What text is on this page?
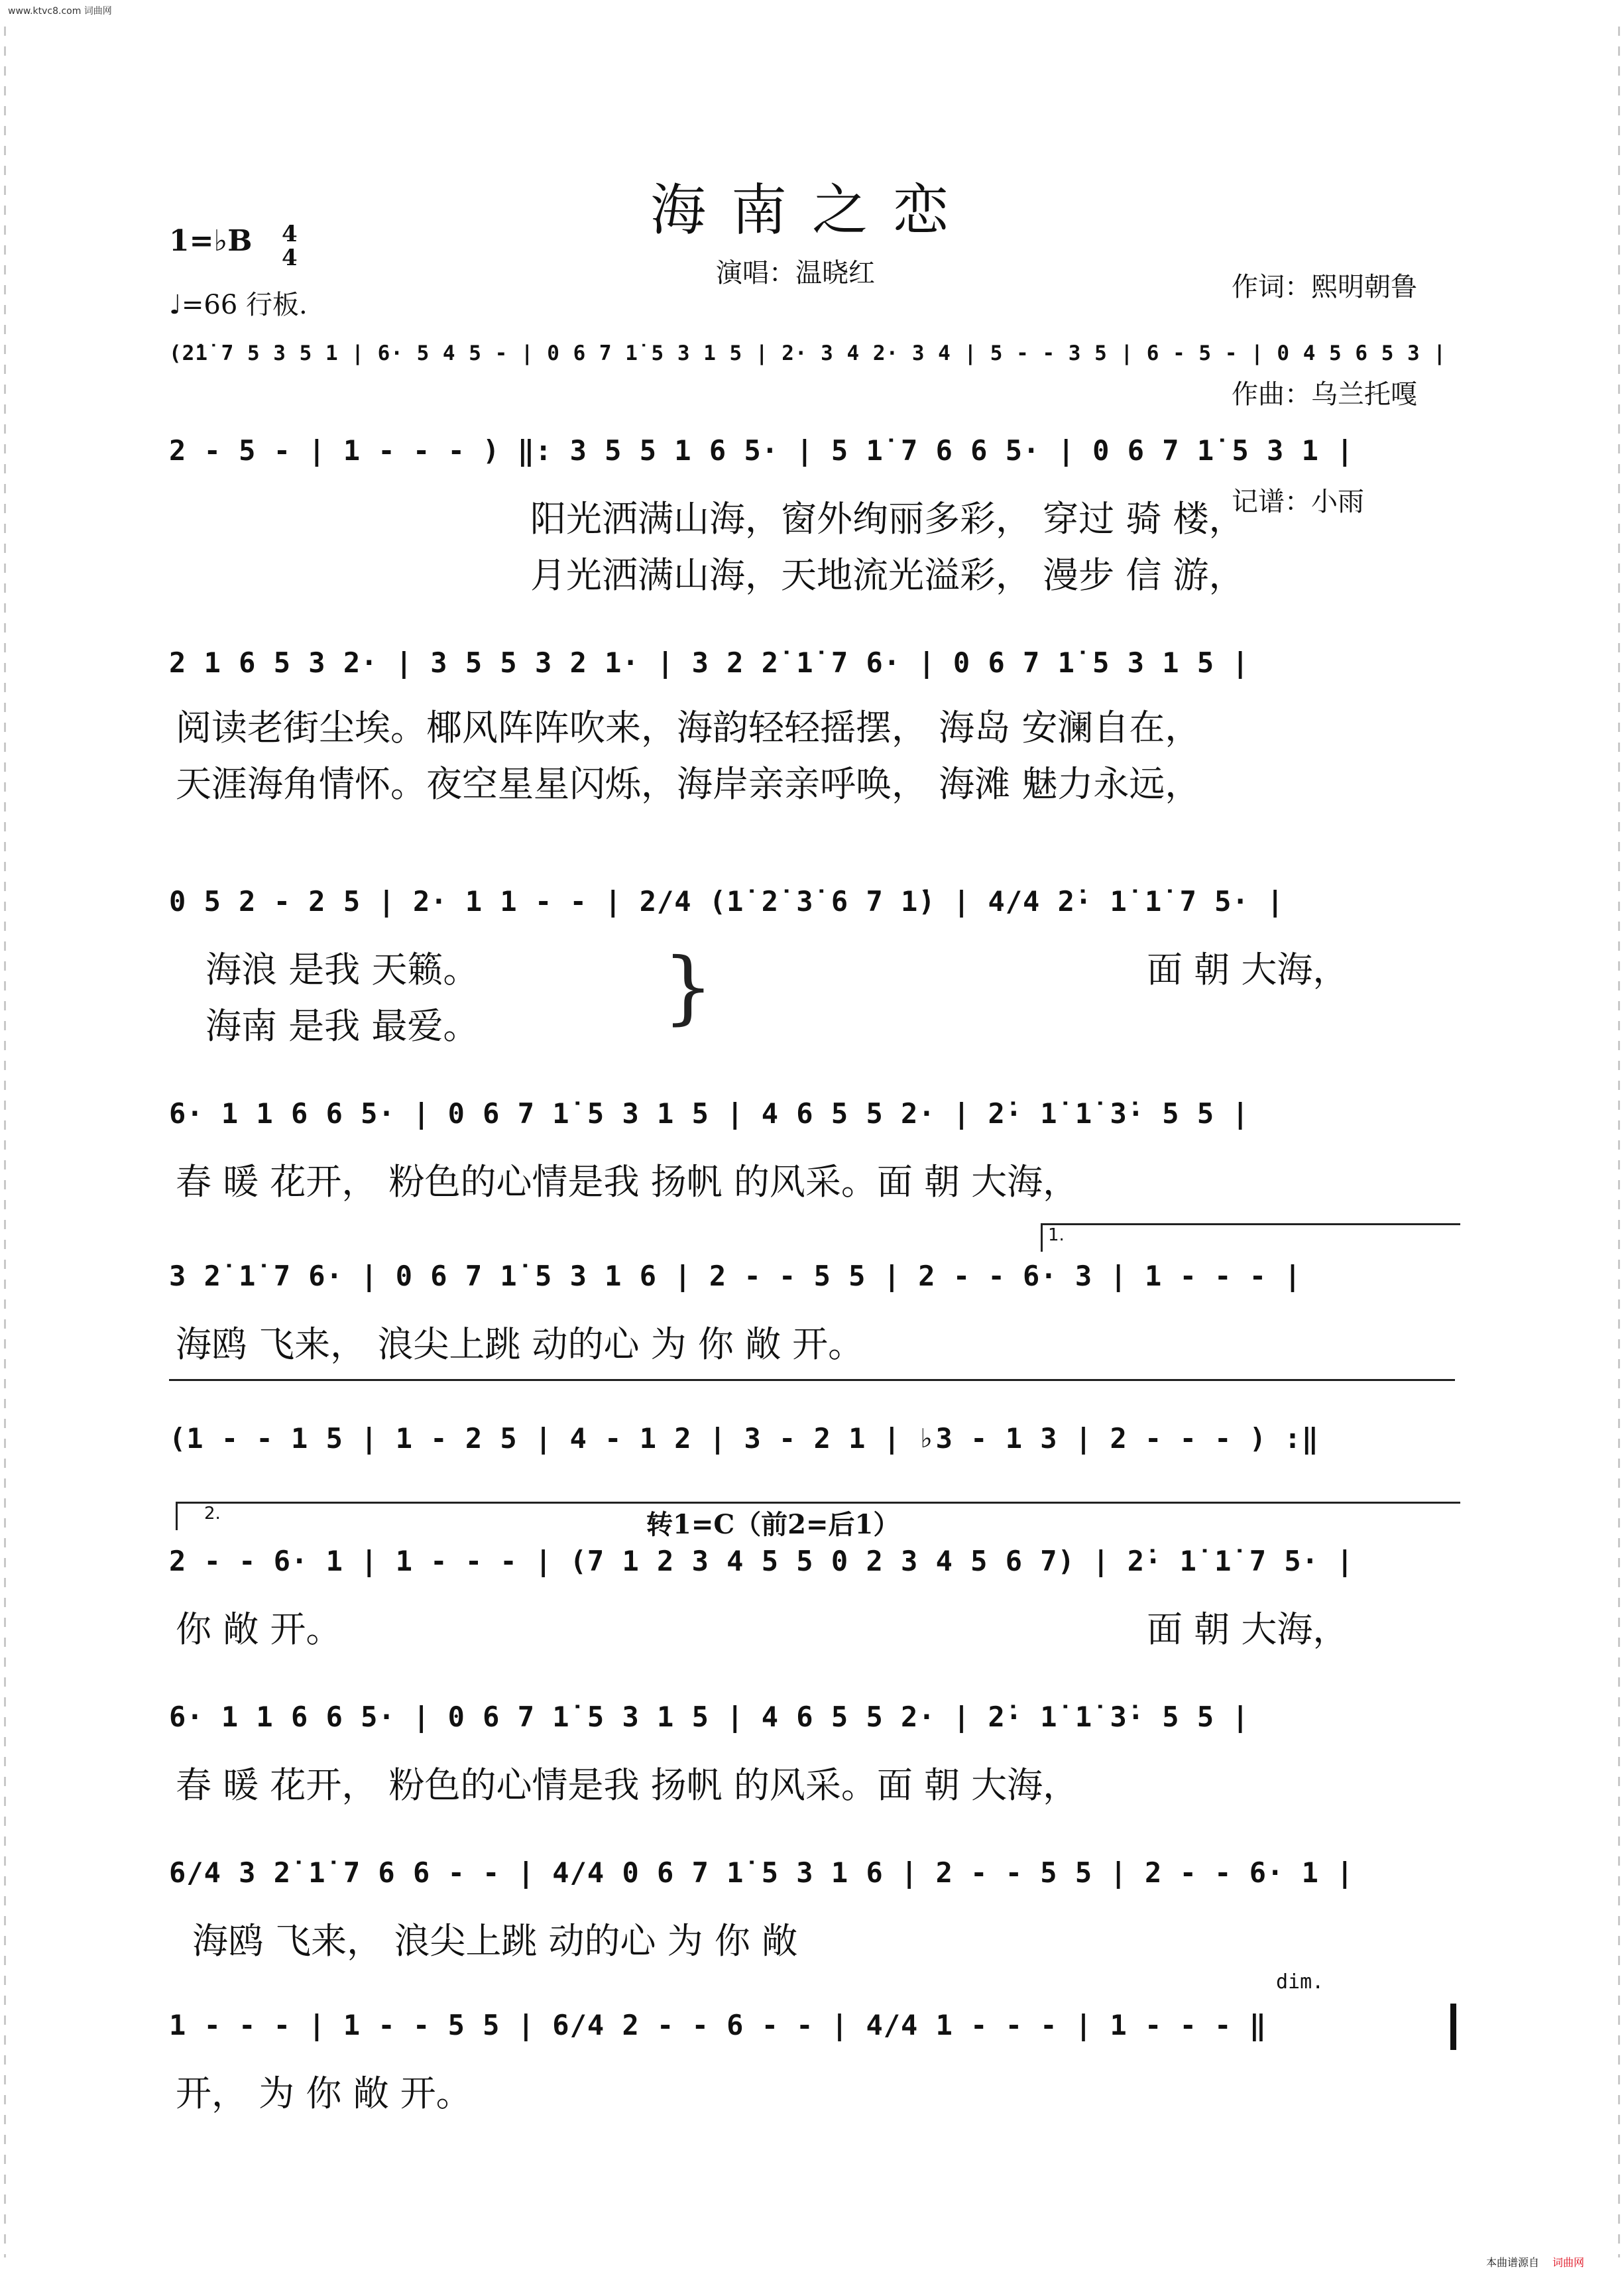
www.ktvc8.com 词曲网
海南之恋
演唱：温晓红

	作词：熙明朝鲁

作曲：乌兰托嘎

记谱：小雨

1=♭B 4
4
♩=66 行板.
(2̇1̇ 7 5 3 5 1 | 6· 5 4 5 - | 0 6 7 1̇ 5 3 1 5 | 2· 3 4 2· 3 4 | 5 - - 3 5 | 6 - 5 - | 0 4 5 6 5 3 |
2 - 5 - | 1 - - - ) ‖: 3 5 5 1 6 5· | 5 1̇ 7 6 6 5· | 0 6 7 1̇ 5 3 1 |
阳光洒满山海，窗外绚丽多彩， 穿过 骑 楼，
月光洒满山海，天地流光溢彩， 漫步 信 游，
2 1 6 5 3 2· | 3 5 5 3 2 1· | 3 2 2̇ 1̇ 7 6· | 0 6 7 1̇ 5 3 1 5 |
阅读老街尘埃。椰风阵阵吹来，海韵轻轻摇摆， 海岛 安澜自在，
天涯海角情怀。夜空星星闪烁，海岸亲亲呼唤， 海滩 魅力永远，
0 5 2 - 2 5 | 2· 1 1 - - | 2/4 (1̇ 2̇ 3̇ 6 7 1̇) | 4/4 2̇· 1̇ 1̇ 7 5· |
海浪 是我 天籁。
海南 是我 最爱。 }	面 朝 大海，
6· 1 1 6 6 5· | 0 6 7 1̇ 5 3 1 5 | 4 6 5 5 2· | 2̇· 1̇ 1̇ 3̇· 5 5 |
春 暖 花开， 粉色的心情是我 扬帆 的风采。面 朝 大海，
1.
3 2̇ 1̇ 7 6· | 0 6 7 1̇ 5 3 1 6 | 2 - - 5 5 | 2 - - 6· 3 | 1 - - - |
海鸥 飞来， 浪尖上跳 动的心 为 你 敞 开。
(1 - - 1 5 | 1 - 2 5 | 4 - 1 2 | 3 - 2 1 | ♭3 - 1 3 | 2 - - - ) :‖
2.	转1=C（前2=后1）
2 - - 6· 1 | 1 - - - | (7 1 2 3 4 5 5 0 2 3 4 5 6 7) | 2̇· 1̇ 1̇ 7 5· |
你 敞 开。	面 朝 大海，
6· 1 1 6 6 5· | 0 6 7 1̇ 5 3 1 5 | 4 6 5 5 2· | 2̇· 1̇ 1̇ 3̇· 5 5 |
春 暖 花开， 粉色的心情是我 扬帆 的风采。面 朝 大海，
6/4 3 2̇ 1̇ 7 6 6 - - | 4/4 0 6 7 1̇ 5 3 1 6 | 2 - - 5 5 | 2 - - 6· 1 |
海鸥 飞来， 浪尖上跳 动的心 为 你 敞
dim.
1 - - - | 1 - - 5 5 | 6/4 2 - - 6 - - | 4/4 1 - - - | 1 - - - ‖
开， 为 你 敞 开。
本曲谱源自 词曲网
